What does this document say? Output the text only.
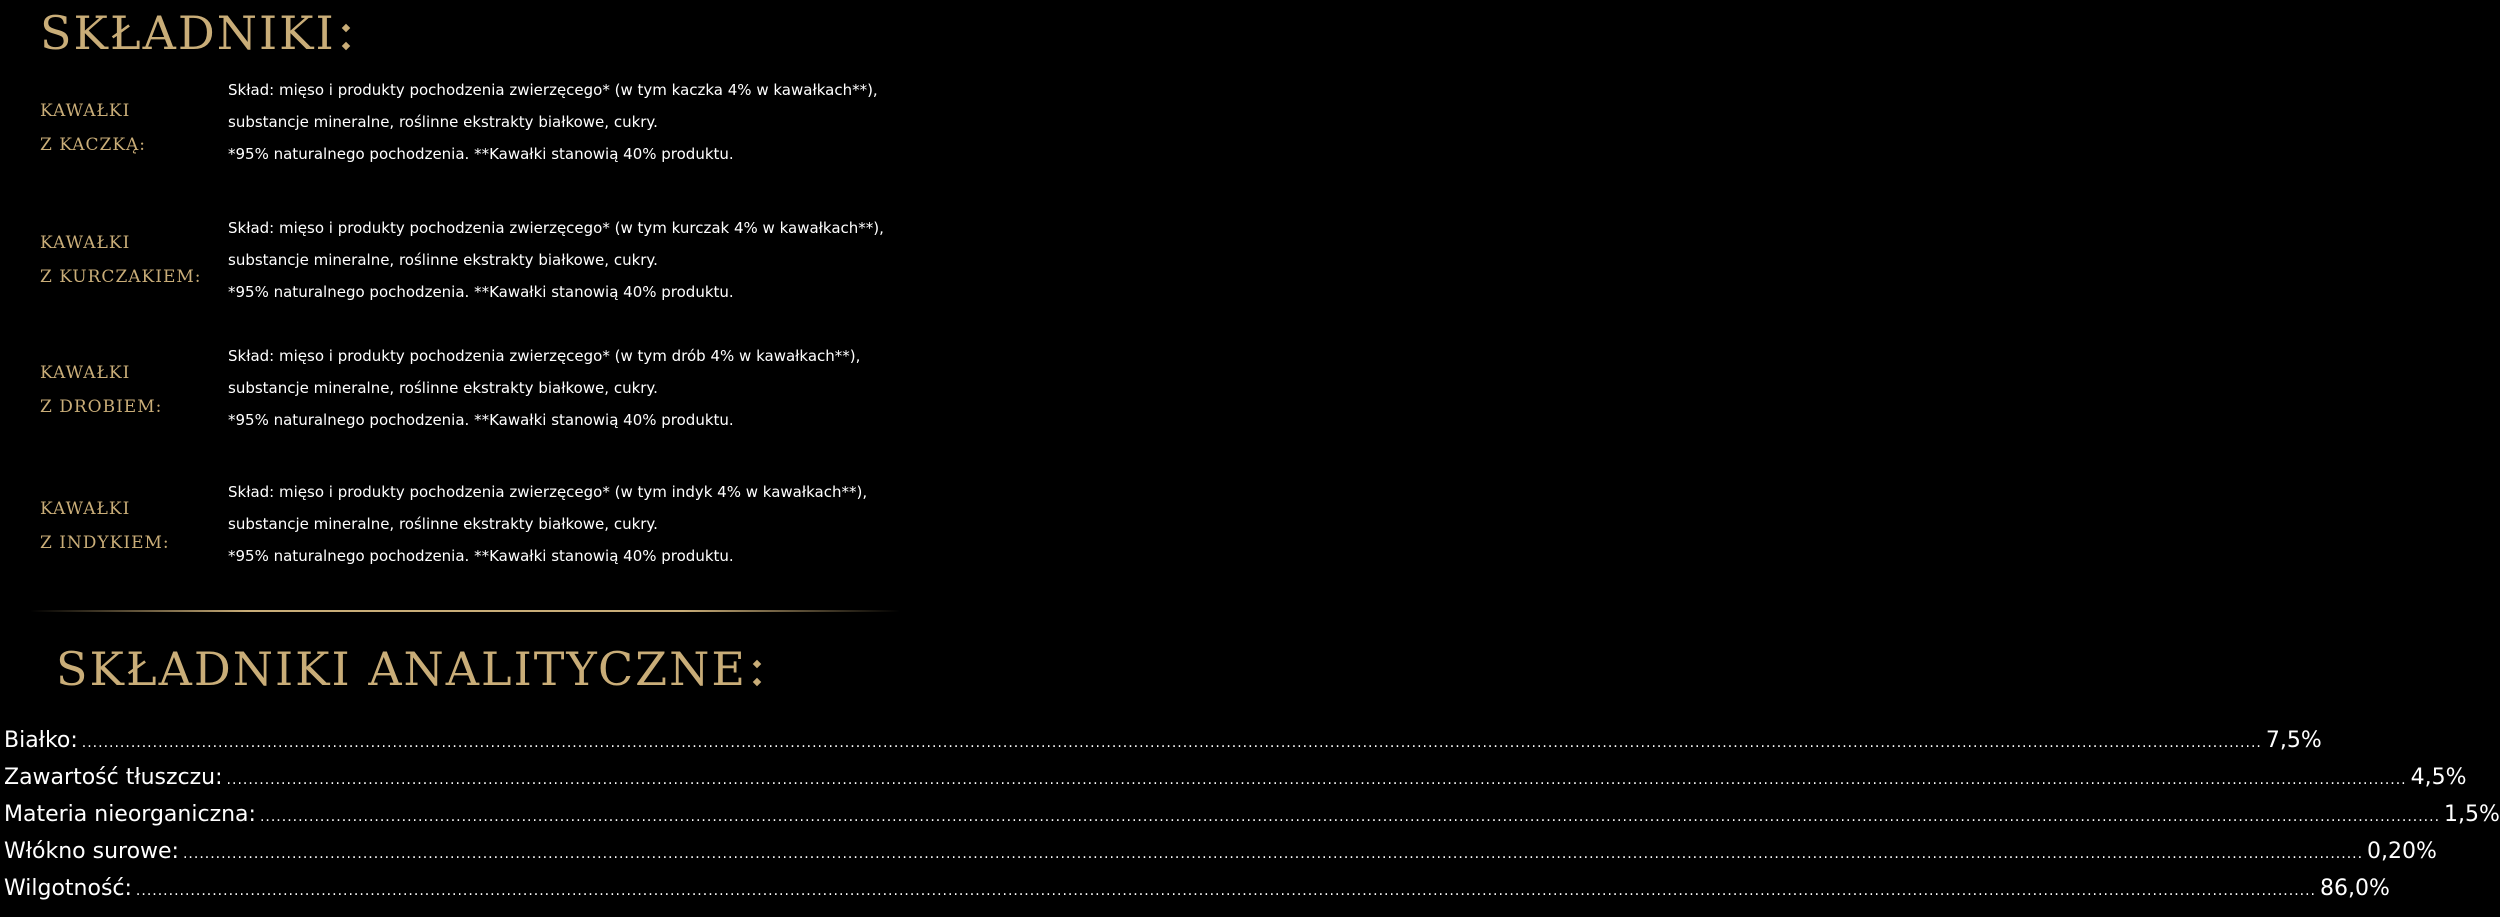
SKŁADNIKI
KAWAŁKI
Z KACZKĄ:
Skład: mięso i produkty pochodzenia zwierzęcego* (w tym kaczka 4% w kawałkach**),
substancje mineralne, roślinne ekstrakty białkowe, cukry.
*95% naturalnego pochodzenia. **Kawałki stanowią 40% produktu.
KAWAŁKI
Z KURCZAKIEM:
Skład: mięso i produkty pochodzenia zwierzęcego* (w tym kurczak 4% w kawałkach**),
substancje mineralne, roślinne ekstrakty białkowe, cukry.
*95% naturalnego pochodzenia. **Kawałki stanowią 40% produktu.
KAWAŁKI
Z DROBIEM:
Skład: mięso i produkty pochodzenia zwierzęcego* (w tym drób 4% w kawałkach**),
substancje mineralne, roślinne ekstrakty białkowe, cukry.
*95% naturalnego pochodzenia. **Kawałki stanowią 40% produktu.
KAWAŁKI
Z INDYKIEM:
Skład: mięso i produkty pochodzenia zwierzęcego* (w tym indyk 4% w kawałkach**),
substancje mineralne, roślinne ekstrakty białkowe, cukry.
*95% naturalnego pochodzenia. **Kawałki stanowią 40% produktu.
SKŁADNIKI ANALITYCZNE
Białko: ................................................................................................................................................................................................................................................................................................................................................................................................................ 7,5%
Zawartość tłuszczu: ................................................................................................................................................................................................................................................................................................................................................................................................................ 4,5%
Materia nieorganiczna: ................................................................................................................................................................................................................................................................................................................................................................................................................ 1,5%
Włókno surowe: ................................................................................................................................................................................................................................................................................................................................................................................................................ 0,20%
Wilgotność: ................................................................................................................................................................................................................................................................................................................................................................................................................ 86,0%
